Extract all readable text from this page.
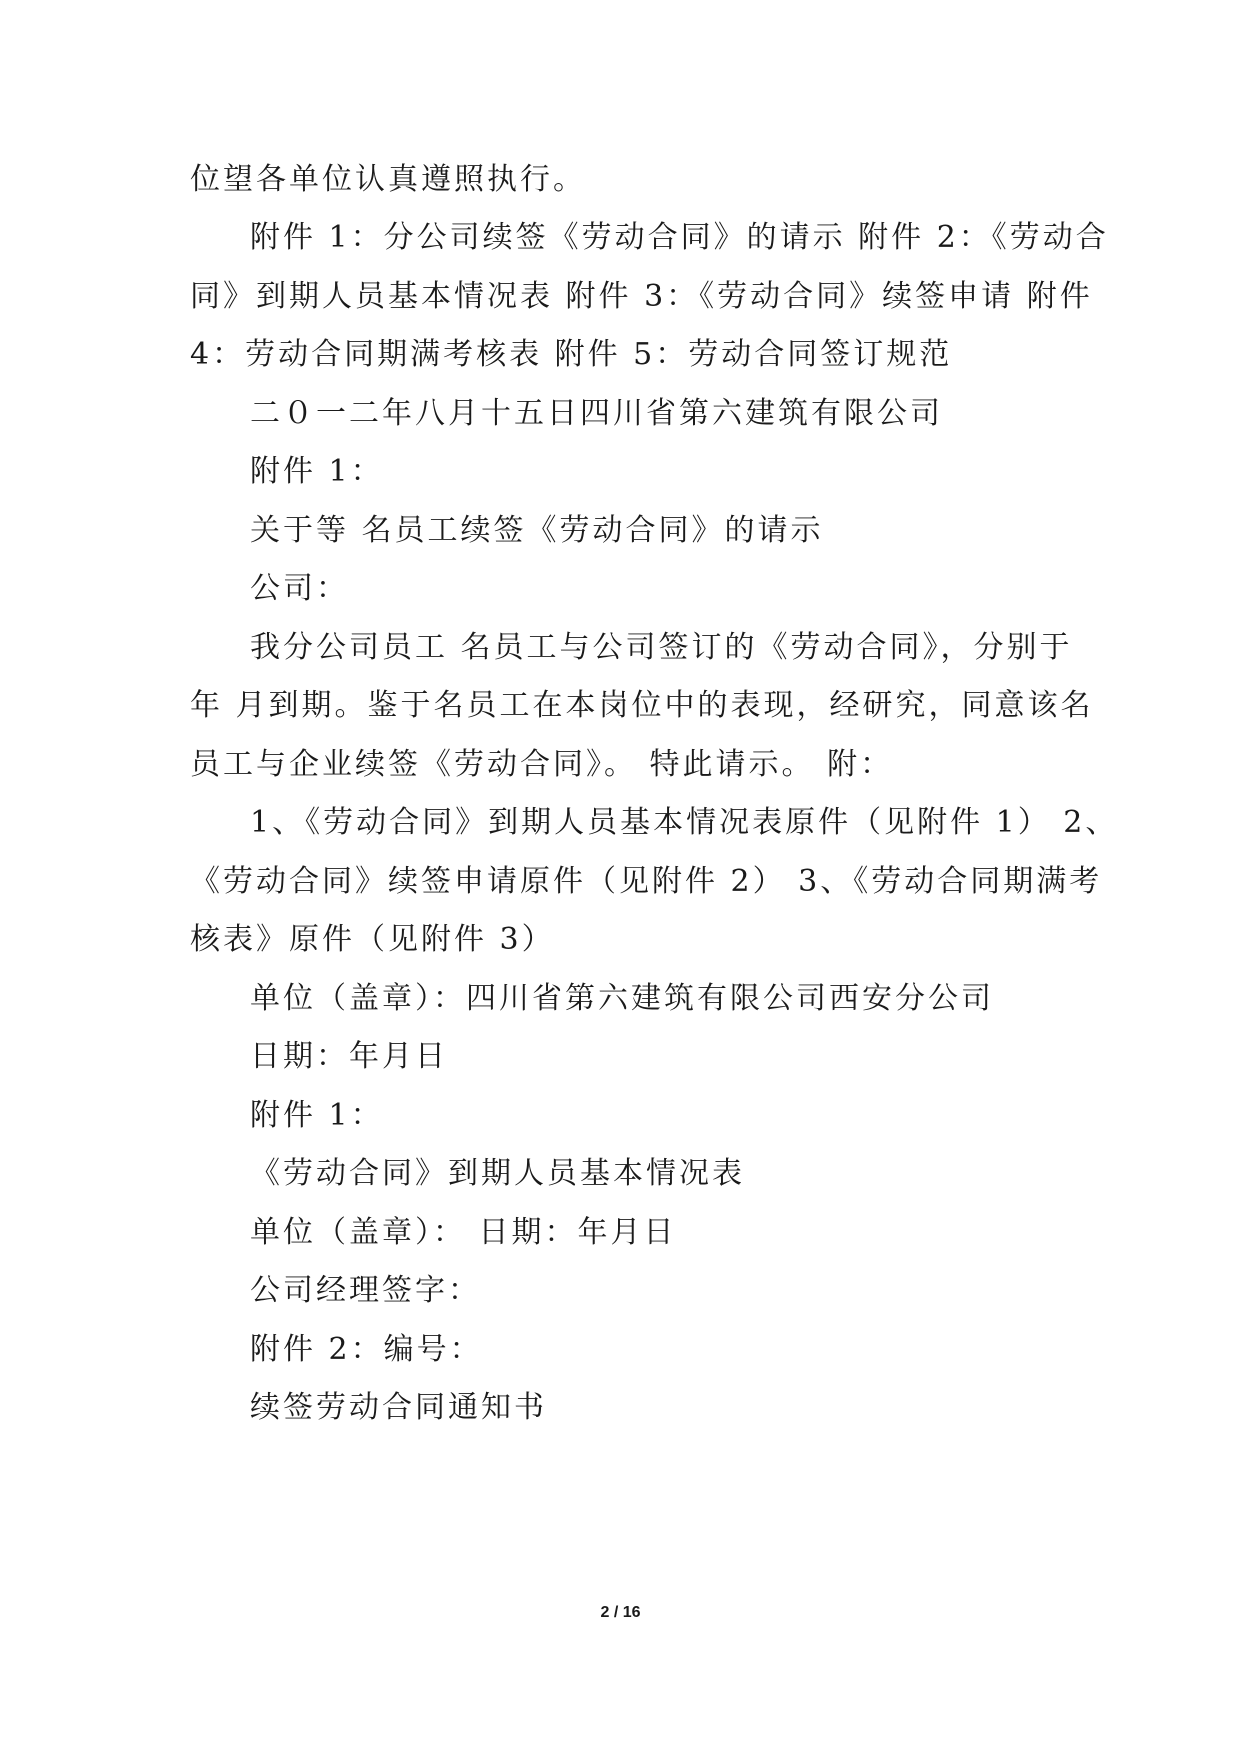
位望各单位认真遵照执行。
附件 1：分公司续签《劳动合同》的请示 附件 2：《劳动合
同》到期人员基本情况表 附件 3：《劳动合同》续签申请 附件
4：劳动合同期满考核表 附件 5：劳动合同签订规范
二０一二年八月十五日四川省第六建筑有限公司
附件 1：
关于等 名员工续签《劳动合同》的请示
公司：
我分公司员工 名员工与公司签订的《劳动合同》，分别于
年 月到期。鉴于名员工在本岗位中的表现，经研究，同意该名
员工与企业续签《劳动合同》。 特此请示。 附：
1、《劳动合同》到期人员基本情况表原件（见附件 1） 2、
《劳动合同》续签申请原件（见附件 2） 3、《劳动合同期满考
核表》原件（见附件 3）
单位（盖章）：四川省第六建筑有限公司西安分公司
日期：年月日
附件 1：
《劳动合同》到期人员基本情况表
单位（盖章）： 日期：年月日
公司经理签字：
附件 2：编号：
续签劳动合同通知书
2 / 16
